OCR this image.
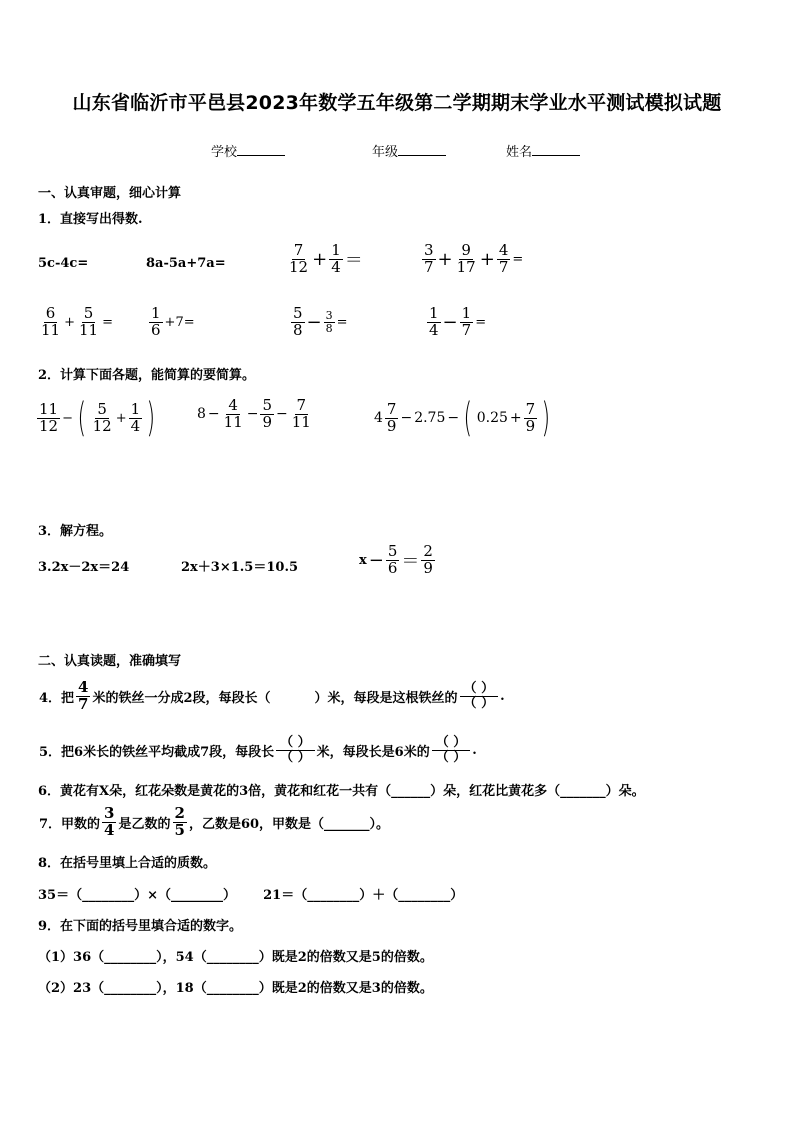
山东省临沂市平邑县2023年数学五年级第二学期期末学业水平测试模拟试题
学校	年级	姓名
一、认真审题，细心计算
1．直接写出得数.
5c-4c=	8a-5a+7a=	$\frac{7}{12} + \frac{1}{4}$ ＝	$\frac{3}{7} + \frac{9}{17} + \frac{4}{7}$ =
$\frac{6}{11} + \frac{5}{11} = \frac{1}{6} +7=$	$\frac{5}{8} - \frac{3}{8}$ =	$\frac{1}{4} - \frac{1}{7}$ =
2．计算下面各题，能简算的要简算。
$\frac{11}{12}$ − ( $\frac{5}{12} + \frac{1}{4}$ )	$8 - \frac{4}{11} - \frac{5}{9} - \frac{7}{11}$	$4 \frac{7}{9} - 2.75$ − ( $0.25 + \frac{7}{9}$ )
3．解方程。
3.2x－2x＝24	2x＋3×1.5＝10.5	$x - \frac{5}{6} = \frac{2}{9}$
二、认真读题，准确填写
4．把 $\frac{4}{7}$ 米的铁丝一分成2段，每段长（	）米，每段是这根铁丝的
（ ）
（ ） .
5．把6米长的铁丝平均截成7段，每段长
（ ）
（ ） 米，每段长是6米的
（ ）
（ ） .
6．黄花有X朵，红花朵数是黄花的3倍，黄花和红花一共有（______）朵，红花比黄花多（_______）朵。
7．甲数的 $\frac{3}{4}$ 是乙数的 $\frac{2}{5}$ ，乙数是60，甲数是（_______）。
8．在括号里填上合适的质数。
35＝（________）×（________）      21＝（________）＋（________）
9．在下面的括号里填合适的数字。
（1）36（________），54（________）既是2的倍数又是5的倍数。
（2）23（________），18（________）既是2的倍数又是3的倍数。
